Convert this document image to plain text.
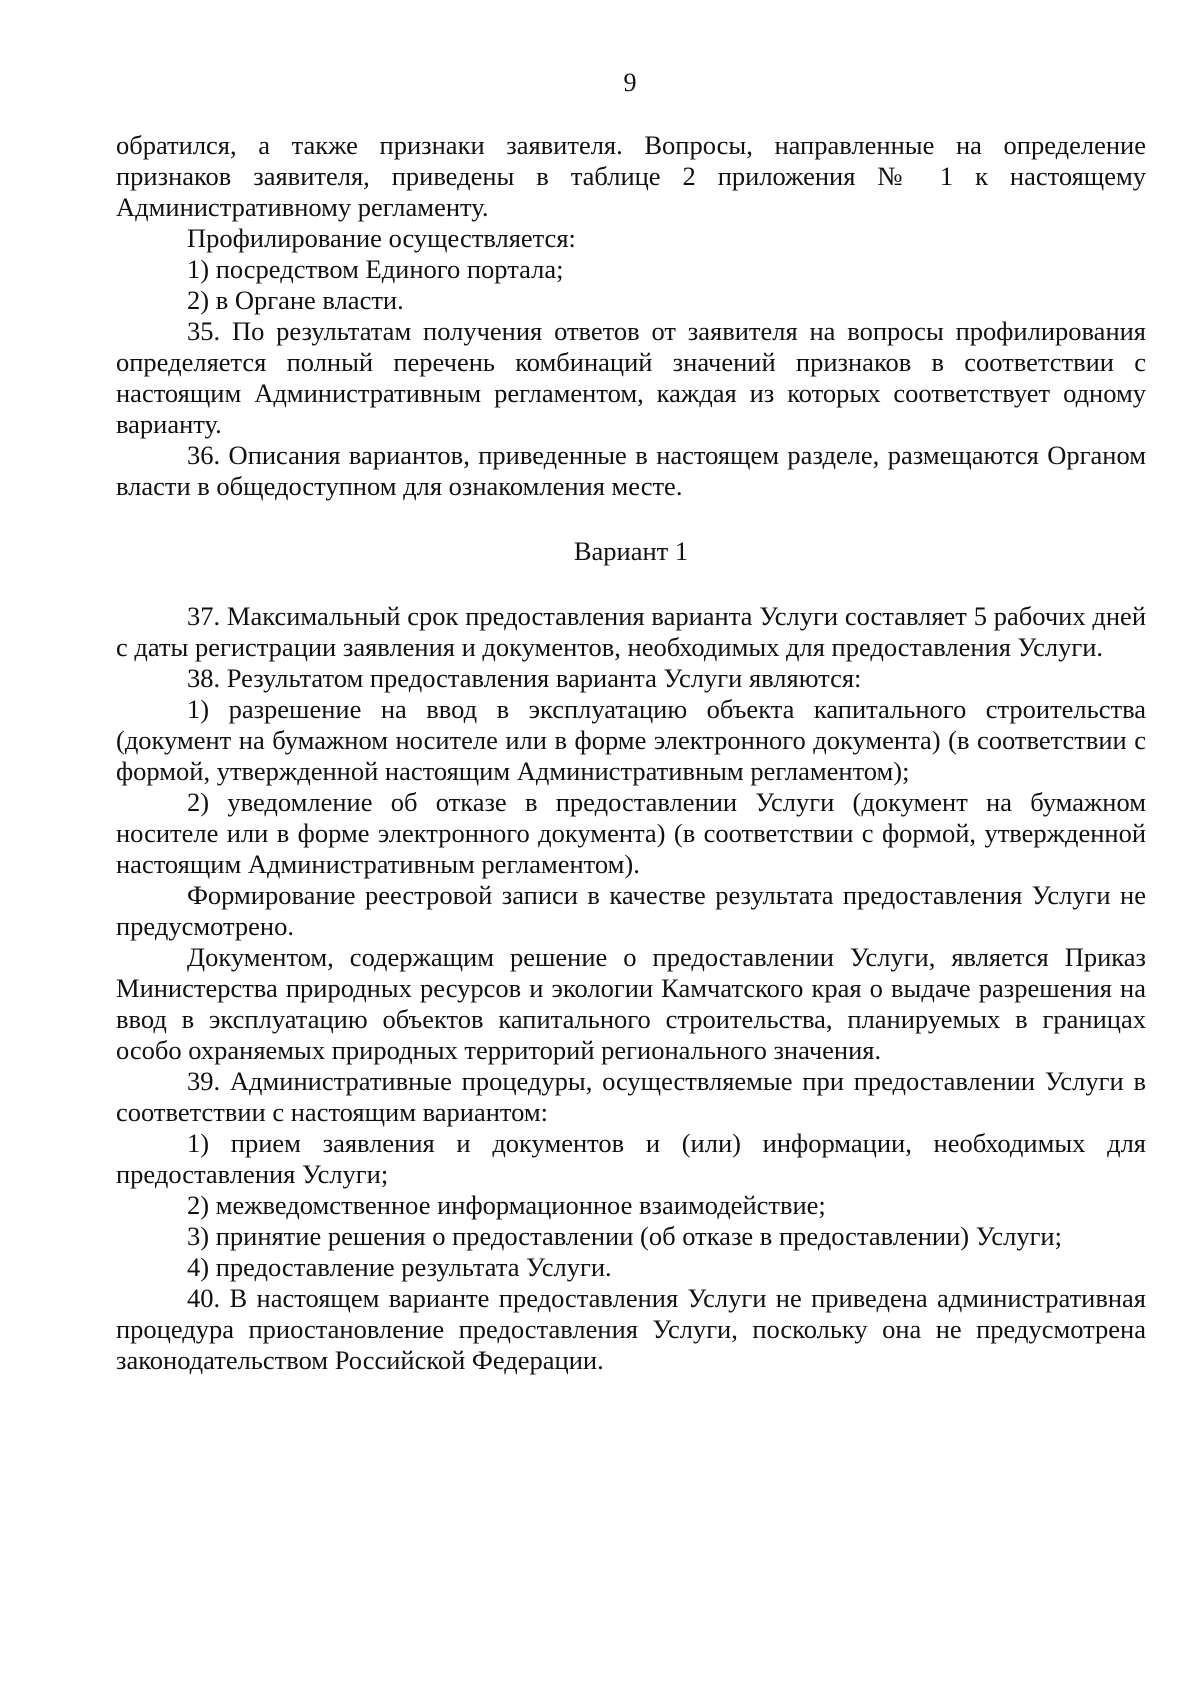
9

обратился, а также признаки заявителя. Вопросы, направленные на определение признаков заявителя, приведены в таблице 2 приложения № 1 к настоящему Административному регламенту.

Профилирование осуществляется:

1) посредством Единого портала;

2) в Органе власти.

35. По результатам получения ответов от заявителя на вопросы профилирования определяется полный перечень комбинаций значений признаков в соответствии с настоящим Административным регламентом, каждая из которых соответствует одному варианту.

36. Описания вариантов, приведенные в настоящем разделе, размещаются Органом власти в общедоступном для ознакомления месте.

Вариант 1

37. Максимальный срок предоставления варианта Услуги составляет 5 рабочих дней с даты регистрации заявления и документов, необходимых для предоставления Услуги.

38. Результатом предоставления варианта Услуги являются:

1) разрешение на ввод в эксплуатацию объекта капитального строительства (документ на бумажном носителе или в форме электронного документа) (в соответствии с формой, утвержденной настоящим Административным регламентом);

2) уведомление об отказе в предоставлении Услуги (документ на бумажном носителе или в форме электронного документа) (в соответствии с формой, утвержденной настоящим Административным регламентом).

Формирование реестровой записи в качестве результата предоставления Услуги не предусмотрено.

Документом, содержащим решение о предоставлении Услуги, является Приказ Министерства природных ресурсов и экологии Камчатского края о выдаче разрешения на ввод в эксплуатацию объектов капитального строительства, планируемых в границах особо охраняемых природных территорий регионального значения.

39. Административные процедуры, осуществляемые при предоставлении Услуги в соответствии с настоящим вариантом:

1) прием заявления и документов и (или) информации, необходимых для предоставления Услуги;

2) межведомственное информационное взаимодействие;

3) принятие решения о предоставлении (об отказе в предоставлении) Услуги;

4) предоставление результата Услуги.

40. В настоящем варианте предоставления Услуги не приведена административная процедура приостановление предоставления Услуги, поскольку она не предусмотрена законодательством Российской Федерации.
